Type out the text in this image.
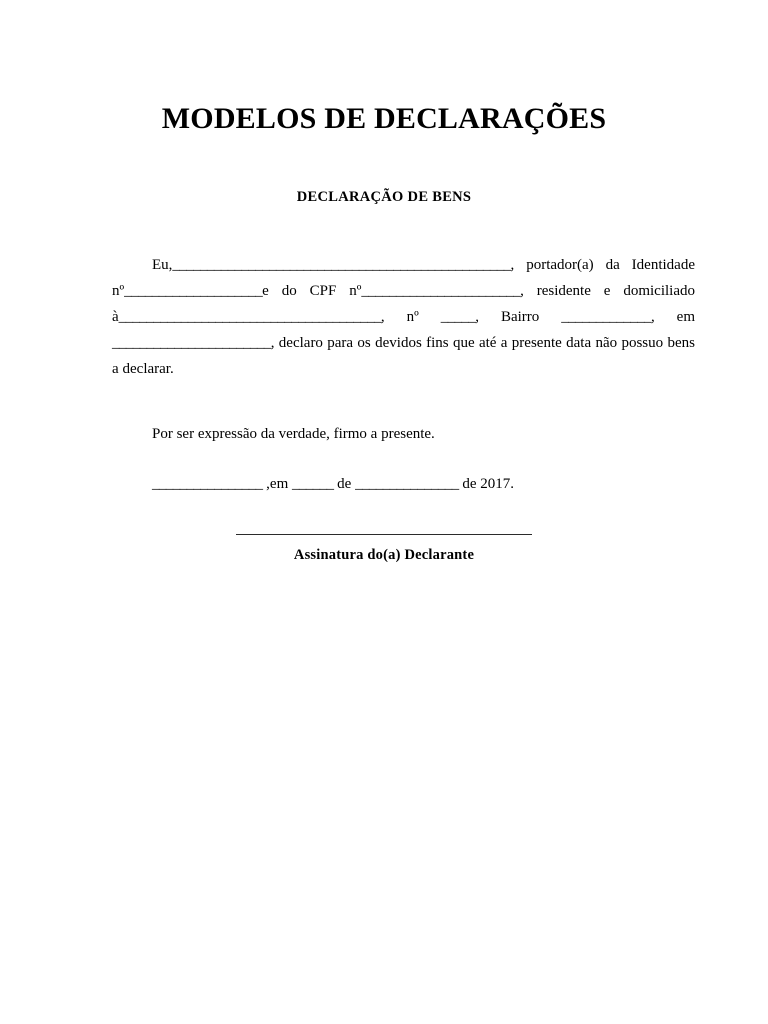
MODELOS DE DECLARAÇÕES
DECLARAÇÃO DE BENS

Eu,_________________________________________________, portador(a) da Identidade nº____________________e do CPF nº_______________________, residente e domiciliado à______________________________________, nº _____, Bairro _____________, em _______________________, declaro para os devidos fins que até a presente data não possuo bens a declarar.

Por ser expressão da verdade, firmo a presente.

________________ ,em ______ de _______________ de 2017.

Assinatura do(a) Declarante
